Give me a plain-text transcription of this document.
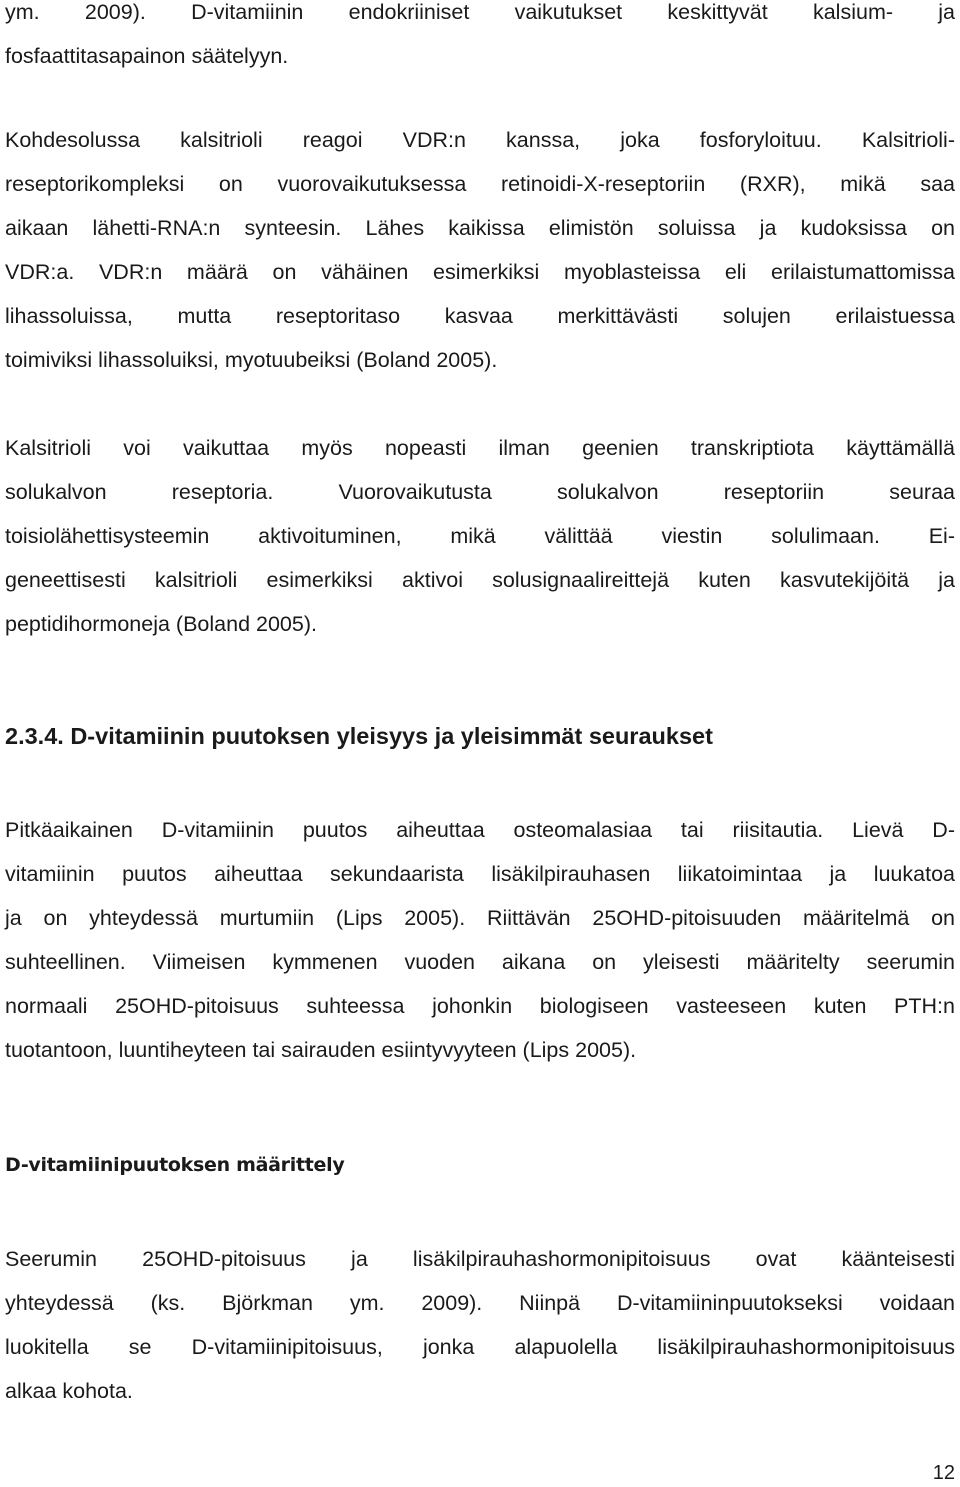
ym. 2009). D-vitamiinin endokriiniset vaikutukset keskittyvät kalsium- ja
fosfaattitasapainon säätelyyn.
Kohdesolussa kalsitrioli reagoi VDR:n kanssa, joka fosforyloituu. Kalsitrioli-
reseptorikompleksi on vuorovaikutuksessa retinoidi-X-reseptoriin (RXR), mikä saa
aikaan lähetti-RNA:n synteesin. Lähes kaikissa elimistön soluissa ja kudoksissa on
VDR:a. VDR:n määrä on vähäinen esimerkiksi myoblasteissa eli erilaistumattomissa
lihassoluissa, mutta reseptoritaso kasvaa merkittävästi solujen erilaistuessa
toimiviksi lihassoluiksi, myotuubeiksi (Boland 2005).
Kalsitrioli voi vaikuttaa myös nopeasti ilman geenien transkriptiota käyttämällä
solukalvon reseptoria. Vuorovaikutusta solukalvon reseptoriin seuraa
toisiolähettisysteemin aktivoituminen, mikä välittää viestin solulimaan. Ei-
geneettisesti kalsitrioli esimerkiksi aktivoi solusignaalireittejä kuten kasvutekijöitä ja
peptidihormoneja (Boland 2005).
2.3.4. D-vitamiinin puutoksen yleisyys ja yleisimmät seuraukset
Pitkäaikainen D-vitamiinin puutos aiheuttaa osteomalasiaa tai riisitautia. Lievä D-
vitamiinin puutos aiheuttaa sekundaarista lisäkilpirauhasen liikatoimintaa ja luukatoa
ja on yhteydessä murtumiin (Lips 2005). Riittävän 25OHD-pitoisuuden määritelmä on
suhteellinen. Viimeisen kymmenen vuoden aikana on yleisesti määritelty seerumin
normaali 25OHD-pitoisuus suhteessa johonkin biologiseen vasteeseen kuten PTH:n
tuotantoon, luuntiheyteen tai sairauden esiintyvyyteen (Lips 2005).
D-vitamiinipuutoksen määrittely
Seerumin 25OHD-pitoisuus ja lisäkilpirauhashormonipitoisuus ovat käänteisesti
yhteydessä (ks. Björkman ym. 2009). Niinpä D-vitamiininpuutokseksi voidaan
luokitella se D-vitamiinipitoisuus, jonka alapuolella lisäkilpirauhashormonipitoisuus
alkaa kohota.
12
